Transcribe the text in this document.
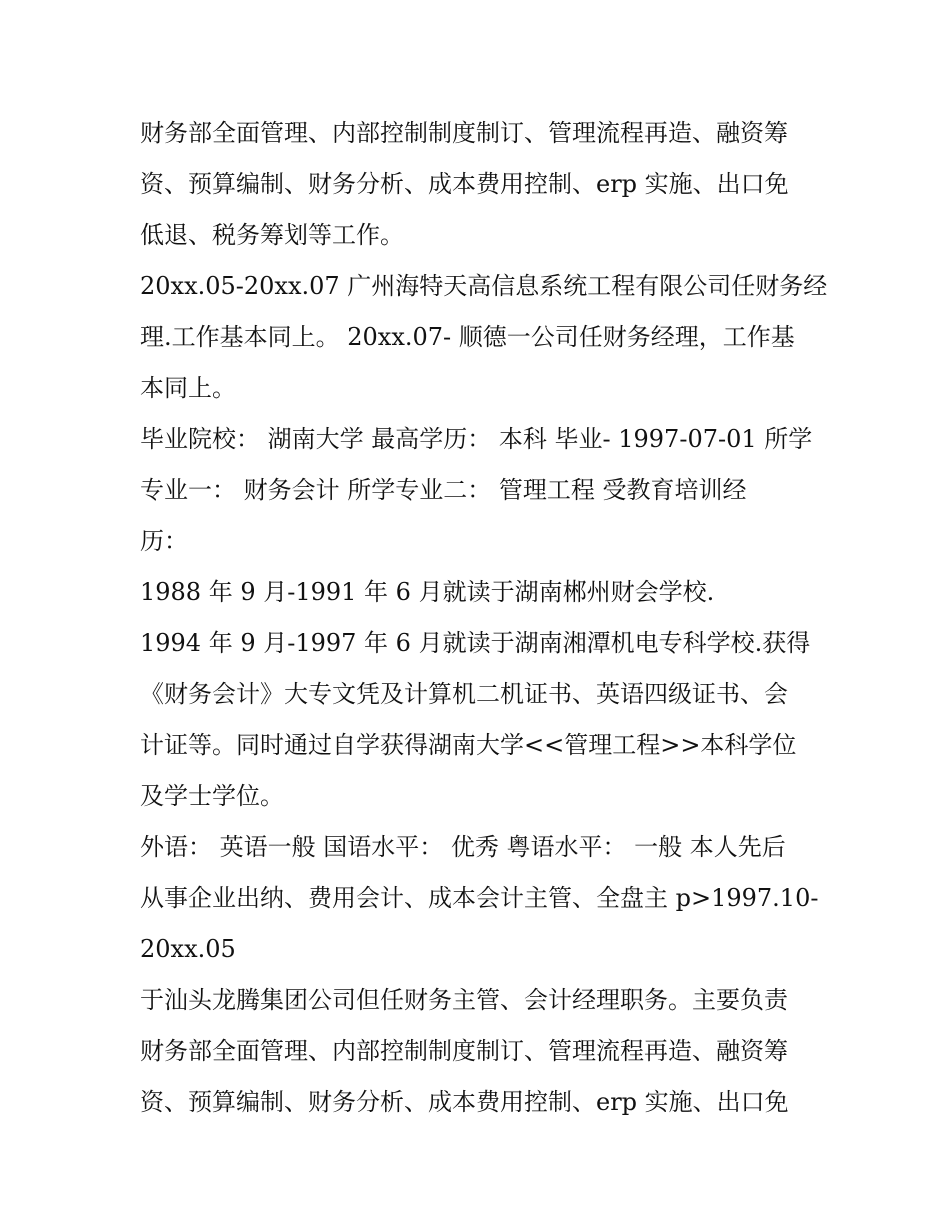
财务部全面管理、内部控制制度制订、管理流程再造、融资筹
资、预算编制、财务分析、成本费用控制、erp 实施、出口免
低退、税务筹划等工作。
20xx.05-20xx.07 广州海特天高信息系统工程有限公司任财务经
理.工作基本同上。 20xx.07- 顺德一公司任财务经理，工作基
本同上。
毕业院校： 湖南大学 最高学历： 本科 毕业- 1997-07-01 所学
专业一： 财务会计 所学专业二： 管理工程 受教育培训经
历：
1988 年 9 月-1991 年 6 月就读于湖南郴州财会学校.
1994 年 9 月-1997 年 6 月就读于湖南湘潭机电专科学校.获得
《财务会计》大专文凭及计算机二机证书、英语四级证书、会
计证等。同时通过自学获得湖南大学<<管理工程>>本科学位
及学士学位。
外语： 英语一般 国语水平： 优秀 粤语水平： 一般 本人先后
从事企业出纳、费用会计、成本会计主管、全盘主 p>1997.10-
20xx.05
于汕头龙腾集团公司但任财务主管、会计经理职务。主要负责
财务部全面管理、内部控制制度制订、管理流程再造、融资筹
资、预算编制、财务分析、成本费用控制、erp 实施、出口免
